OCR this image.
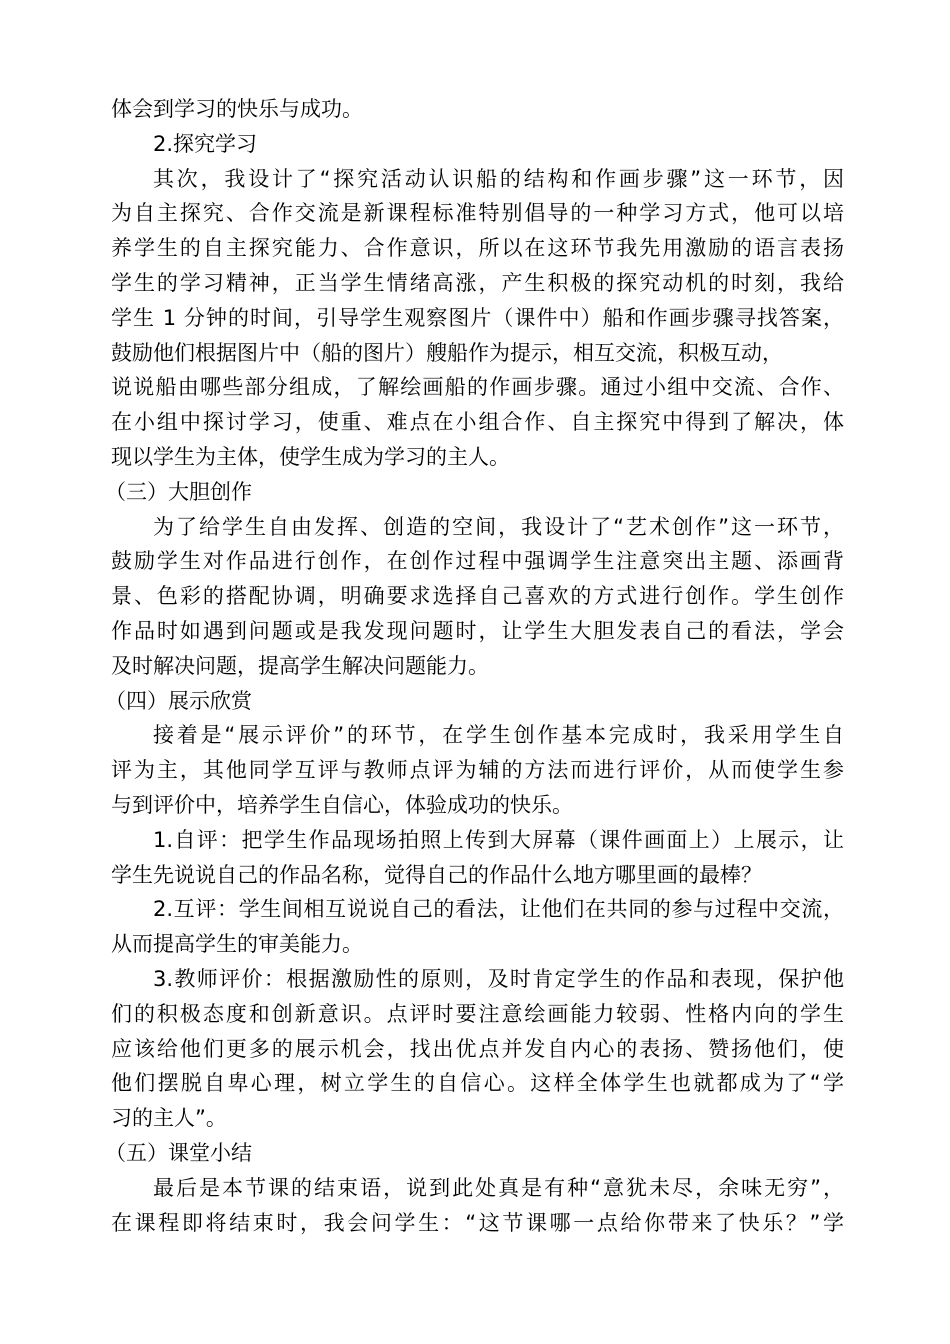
体会到学习的快乐与成功。
2.探究学习
其次，我设计了“探究活动认识船的结构和作画步骤”这一环节，因
为自主探究、合作交流是新课程标准特别倡导的一种学习方式，他可以培
养学生的自主探究能力、合作意识，所以在这环节我先用激励的语言表扬
学生的学习精神，正当学生情绪高涨，产生积极的探究动机的时刻，我给
学生 1 分钟的时间，引导学生观察图片（课件中）船和作画步骤寻找答案，
鼓励他们根据图片中（船的图片）艘船作为提示，相互交流，积极互动，
说说船由哪些部分组成，了解绘画船的作画步骤。通过小组中交流、合作、
在小组中探讨学习，使重、难点在小组合作、自主探究中得到了解决，体
现以学生为主体，使学生成为学习的主人。
（三）大胆创作
为了给学生自由发挥、创造的空间，我设计了“艺术创作”这一环节，
鼓励学生对作品进行创作，在创作过程中强调学生注意突出主题、添画背
景、色彩的搭配协调，明确要求选择自己喜欢的方式进行创作。学生创作
作品时如遇到问题或是我发现问题时，让学生大胆发表自己的看法，学会
及时解决问题，提高学生解决问题能力。
（四）展示欣赏
接着是“展示评价”的环节，在学生创作基本完成时，我采用学生自
评为主，其他同学互评与教师点评为辅的方法而进行评价，从而使学生参
与到评价中，培养学生自信心，体验成功的快乐。
1.自评：把学生作品现场拍照上传到大屏幕（课件画面上）上展示，让
学生先说说自己的作品名称，觉得自己的作品什么地方哪里画的最棒？
2.互评：学生间相互说说自己的看法，让他们在共同的参与过程中交流，
从而提高学生的审美能力。
3.教师评价：根据激励性的原则，及时肯定学生的作品和表现，保护他
们的积极态度和创新意识。点评时要注意绘画能力较弱、性格内向的学生
应该给他们更多的展示机会，找出优点并发自内心的表扬、赞扬他们，使
他们摆脱自卑心理，树立学生的自信心。这样全体学生也就都成为了“学
习的主人”。
（五）课堂小结
最后是本节课的结束语，说到此处真是有种“意犹未尽，余味无穷”，
在课程即将结束时，我会问学生：“这节课哪一点给你带来了快乐？”学
